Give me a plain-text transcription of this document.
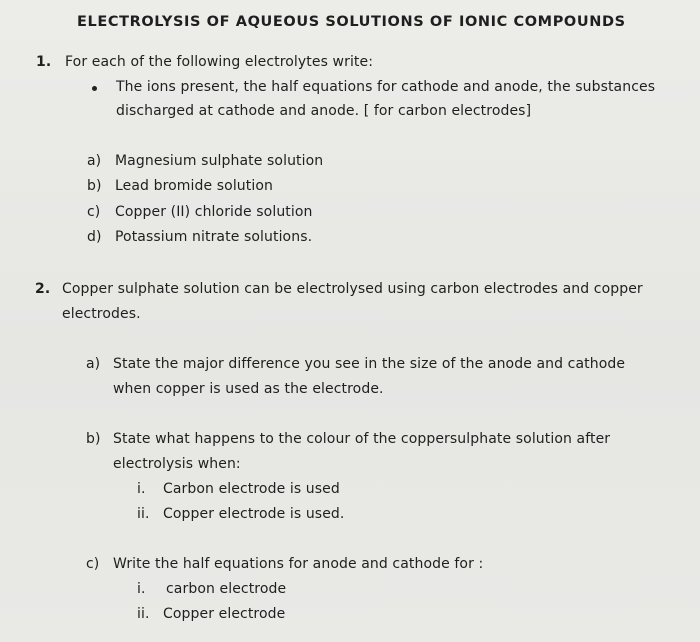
ELECTROLYSIS OF AQUEOUS SOLUTIONS OF IONIC COMPOUNDS
1. For each of the following electrolytes write:
The ions present, the half equations for cathode and anode, the substances
discharged at cathode and anode. [ for carbon electrodes]
a) Magnesium sulphate solution
b) Lead bromide solution
c) Copper (II) chloride solution
d) Potassium nitrate solutions.
2. Copper sulphate solution can be electrolysed using carbon electrodes and copper
electrodes.
a) State the major difference you see in the size of the anode and cathode
when copper is used as the electrode.
b) State what happens to the colour of the coppersulphate solution after
electrolysis when:
i. Carbon electrode is used
ii. Copper electrode is used.
c) Write the half equations for anode and cathode for :
i. carbon electrode
ii. Copper electrode
